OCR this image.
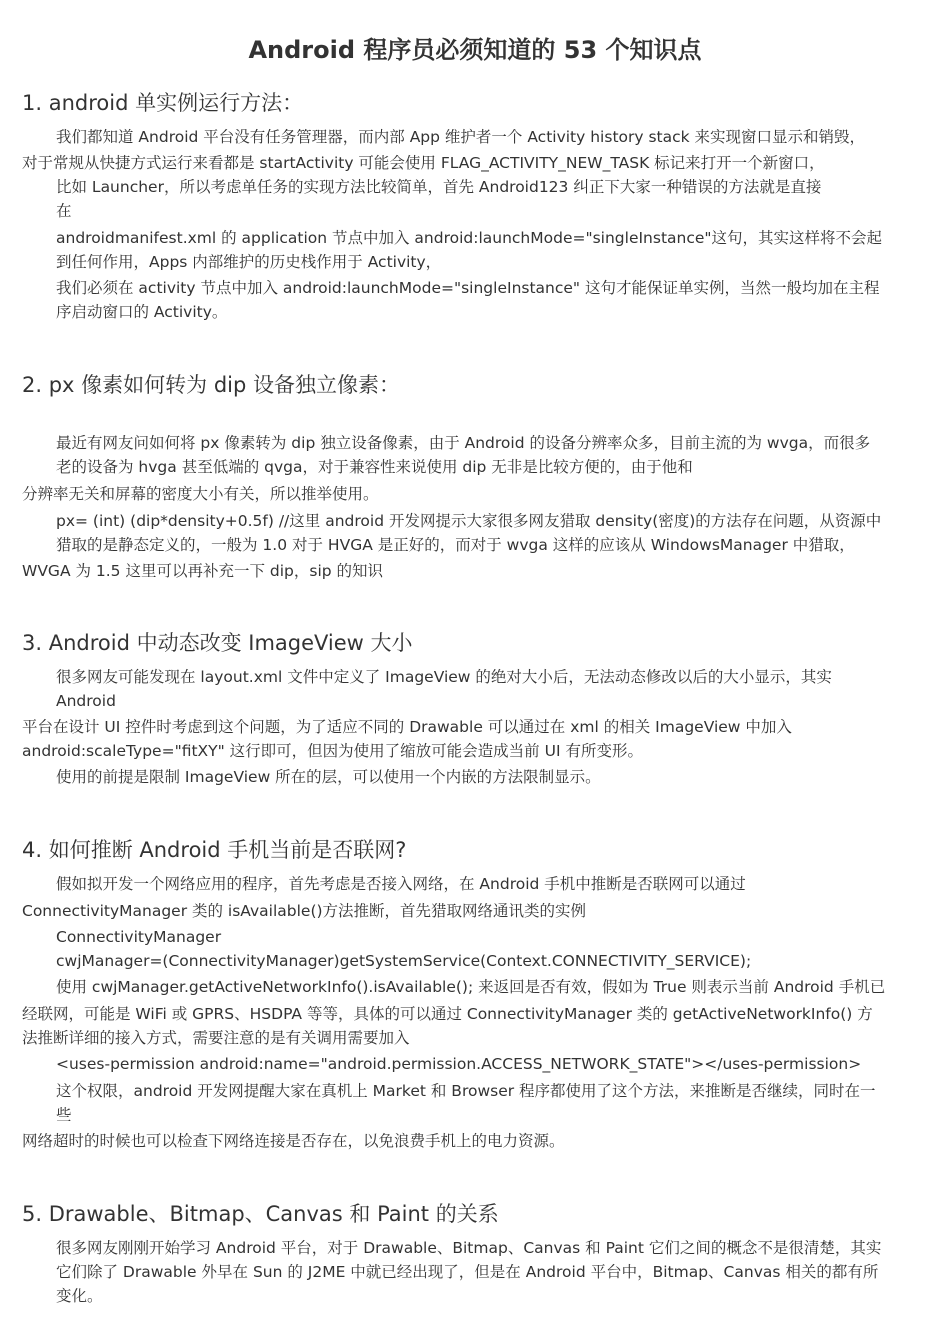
Android 程序员必须知道的 53 个知识点
1. android 单实例运行方法：
我们都知道 Android 平台没有任务管理器，而内部 App 维护者一个 Activity history stack 来实现窗口显示和销毁，
对于常规从快捷方式运行来看都是 startActivity 可能会使用 FLAG_ACTIVITY_NEW_TASK 标记来打开一个新窗口，
比如 Launcher，所以考虑单任务的实现方法比较简单，首先 Android123 纠正下大家一种错误的方法就是直接
在
androidmanifest.xml 的 application 节点中加入 android:launchMode="singleInstance"这句，其实这样将不会起
到任何作用，Apps 内部维护的历史栈作用于 Activity，
我们必须在 activity 节点中加入 android:launchMode="singleInstance" 这句才能保证单实例，当然一般均加在主程
序启动窗口的 Activity。
2. px 像素如何转为 dip 设备独立像素：
最近有网友问如何将 px 像素转为 dip 独立设备像素，由于 Android 的设备分辨率众多，目前主流的为 wvga，而很多
老的设备为 hvga 甚至低端的 qvga，对于兼容性来说使用 dip 无非是比较方便的，由于他和
分辨率无关和屏幕的密度大小有关，所以推举使用。
px= (int) (dip*density+0.5f) //这里 android 开发网提示大家很多网友猎取 density(密度)的方法存在问题，从资源中
猎取的是静态定义的，一般为 1.0 对于 HVGA 是正好的，而对于 wvga 这样的应该从 WindowsManager 中猎取，
WVGA 为 1.5 这里可以再补充一下 dip，sip 的知识
3. Android 中动态改变 ImageView 大小
很多网友可能发现在 layout.xml 文件中定义了 ImageView 的绝对大小后，无法动态修改以后的大小显示，其实
Android
平台在设计 UI 控件时考虑到这个问题，为了适应不同的 Drawable 可以通过在 xml 的相关 ImageView 中加入
android:scaleType="fitXY" 这行即可，但因为使用了缩放可能会造成当前 UI 有所变形。
使用的前提是限制 ImageView 所在的层，可以使用一个内嵌的方法限制显示。
4. 如何推断 Android 手机当前是否联网?
假如拟开发一个网络应用的程序，首先考虑是否接入网络，在 Android 手机中推断是否联网可以通过
ConnectivityManager 类的 isAvailable()方法推断，首先猎取网络通讯类的实例
ConnectivityManager
cwjManager=(ConnectivityManager)getSystemService(Context.CONNECTIVITY_SERVICE);
使用 cwjManager.getActiveNetworkInfo().isAvailable(); 来返回是否有效，假如为 True 则表示当前 Android 手机已
经联网，可能是 WiFi 或 GPRS、HSDPA 等等，具体的可以通过 ConnectivityManager 类的 getActiveNetworkInfo() 方
法推断详细的接入方式，需要注意的是有关调用需要加入
<uses-permission android:name="android.permission.ACCESS_NETWORK_STATE"></uses-permission>
这个权限，android 开发网提醒大家在真机上 Market 和 Browser 程序都使用了这个方法，来推断是否继续，同时在一
些
网络超时的时候也可以检查下网络连接是否存在，以免浪费手机上的电力资源。
5. Drawable、Bitmap、Canvas 和 Paint 的关系
很多网友刚刚开始学习 Android 平台，对于 Drawable、Bitmap、Canvas 和 Paint 它们之间的概念不是很清楚，其实
它们除了 Drawable 外早在 Sun 的 J2ME 中就已经出现了，但是在 Android 平台中，Bitmap、Canvas 相关的都有所
变化。
